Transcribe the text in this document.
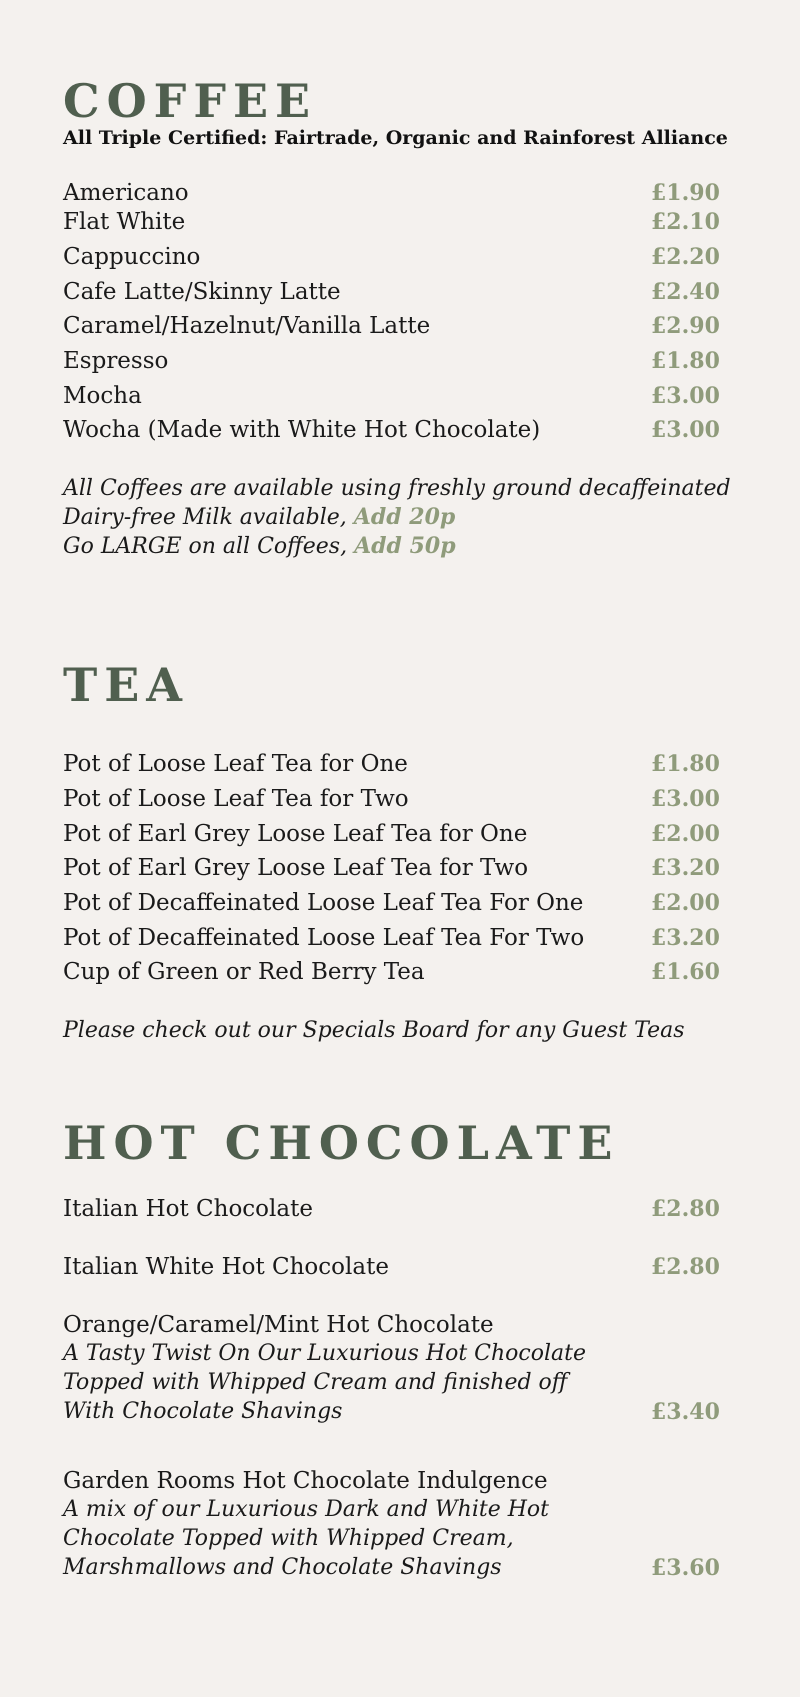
COFFEE
All Triple Certified: Fairtrade, Organic and Rainforest Alliance
Americano	£1.90
Flat White	£2.10
Cappuccino	£2.20
Cafe Latte/Skinny Latte	£2.40
Caramel/Hazelnut/Vanilla Latte	£2.90
Espresso	£1.80
Mocha	£3.00
Wocha (Made with White Hot Chocolate)	£3.00
All Coffees are available using freshly ground decaffeinated
Dairy-free Milk available, Add 20p
Go LARGE on all Coffees, Add 50p
TEA
Pot of Loose Leaf Tea for One	£1.80
Pot of Loose Leaf Tea for Two	£3.00
Pot of Earl Grey Loose Leaf Tea for One	£2.00
Pot of Earl Grey Loose Leaf Tea for Two	£3.20
Pot of Decaffeinated Loose Leaf Tea For One	£2.00
Pot of Decaffeinated Loose Leaf Tea For Two	£3.20
Cup of Green or Red Berry Tea	£1.60
Please check out our Specials Board for any Guest Teas
HOT CHOCOLATE
Italian Hot Chocolate	£2.80
Italian White Hot Chocolate	£2.80
Orange/Caramel/Mint Hot Chocolate
A Tasty Twist On Our Luxurious Hot Chocolate
Topped with Whipped Cream and finished off
With Chocolate Shavings	£3.40
Garden Rooms Hot Chocolate Indulgence
A mix of our Luxurious Dark and White Hot
Chocolate Topped with Whipped Cream,
Marshmallows and Chocolate Shavings	£3.60
